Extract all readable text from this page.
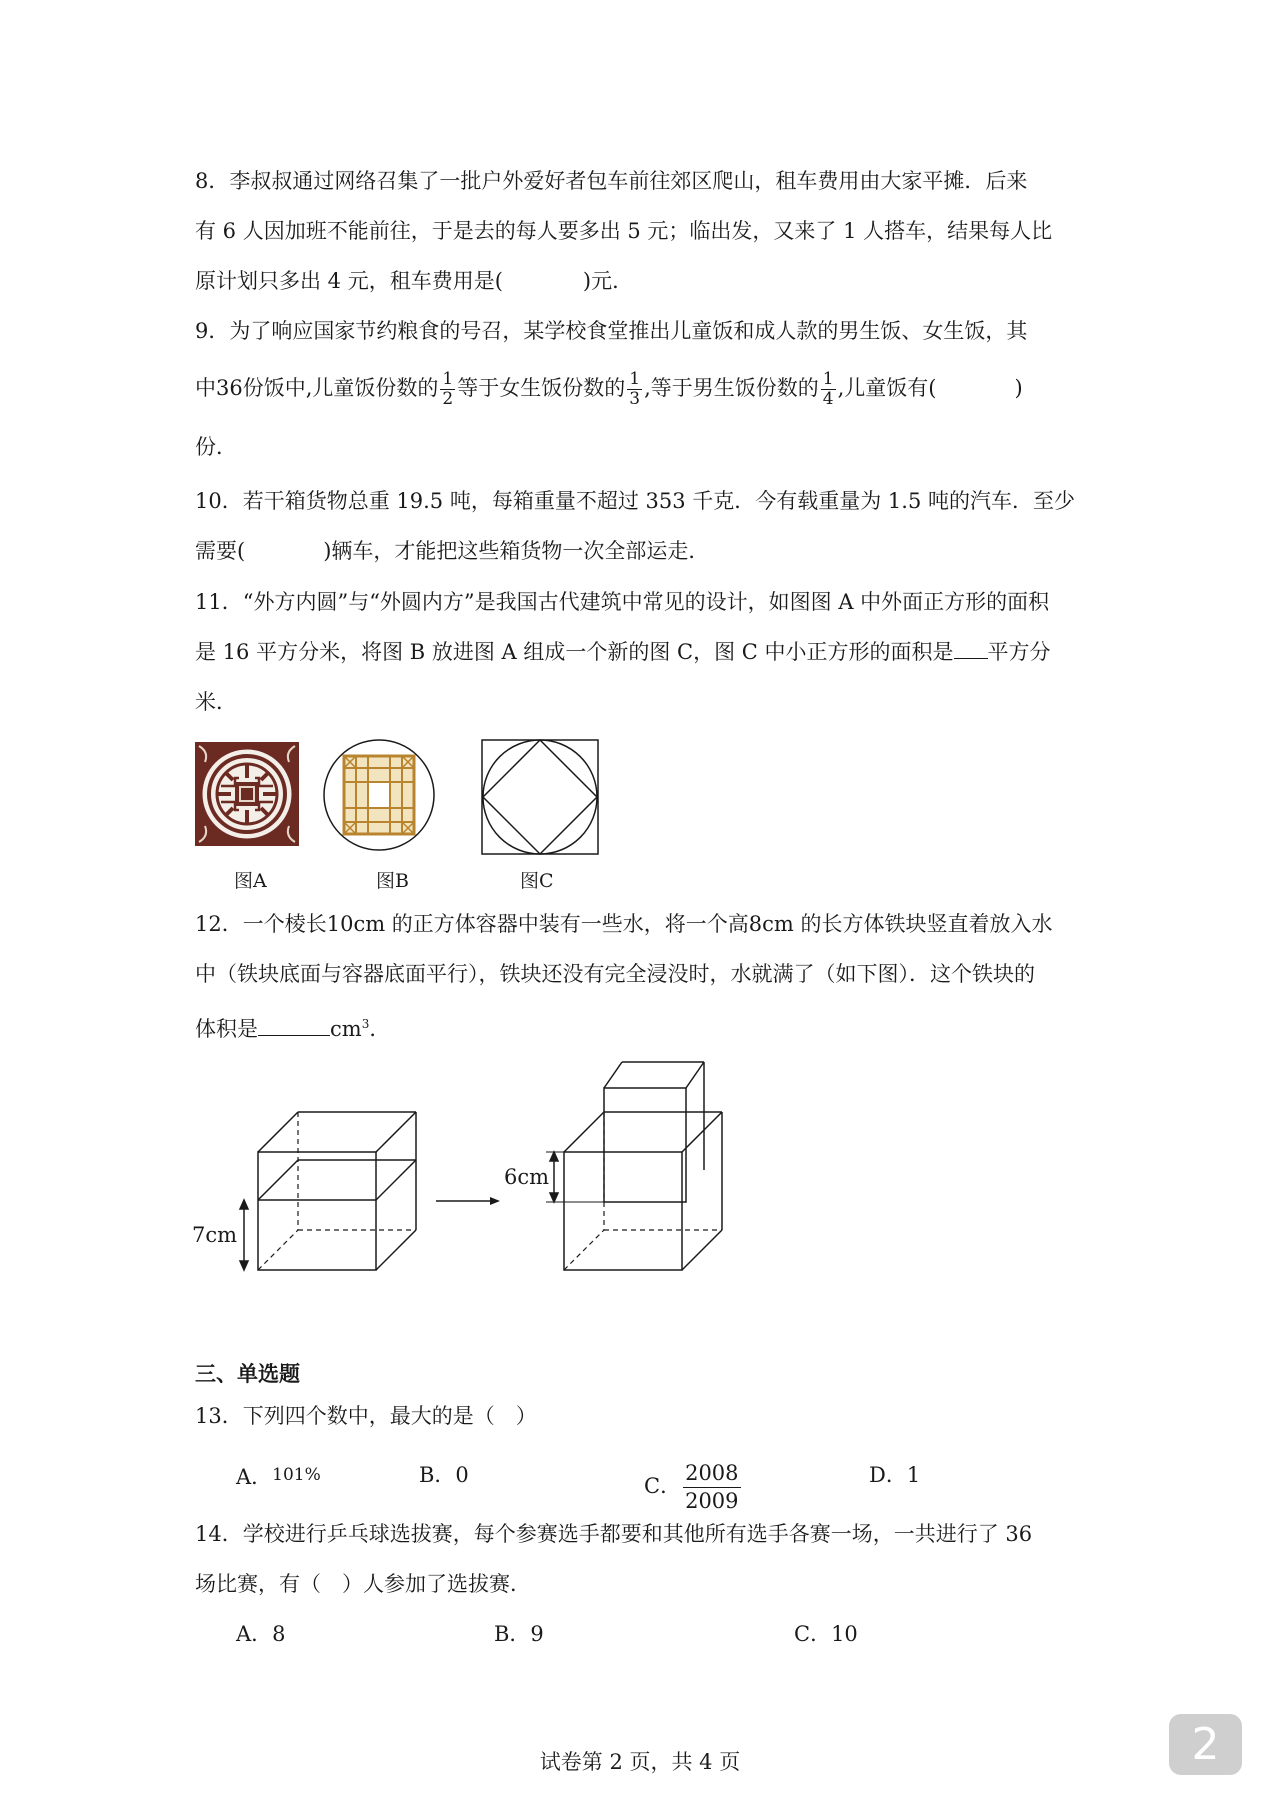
8．李叔叔通过网络召集了一批户外爱好者包车前往郊区爬山，租车费用由大家平摊．后来
有 6 人因加班不能前往，于是去的每人要多出 5 元；临出发，又来了 1 人搭车，结果每人比
原计划只多出 4 元，租车费用是(	)元．
9．为了响应国家节约粮食的号召，某学校食堂推出儿童饭和成人款的男生饭、女生饭，其
中36份饭中,儿童饭份数的 $\frac{1}{2}$ 等于女生饭份数的 $\frac{1}{3}$ ,等于男生饭份数的 $\frac{1}{4}$ ,儿童饭有(	)
份．
10．若干箱货物总重 19.5 吨，每箱重量不超过 353 千克．今有载重量为 1.5 吨的汽车．至少
需要(	)辆车，才能把这些箱货物一次全部运走．
11．“外方内圆”与“外圆内方”是我国古代建筑中常见的设计，如图图 A 中外面正方形的面积
是 16 平方分米，将图 B 放进图 A 组成一个新的图 C，图 C 中小正方形的面积是 平方分
米．
图A	图B	图C
12．一个棱长10cm 的正方体容器中装有一些水，将一个高8cm 的长方体铁块竖直着放入水
中（铁块底面与容器底面平行），铁块还没有完全浸没时，水就满了（如下图）．这个铁块的
体积是	$cm^3$．
7cm
6cm
三、单选题
13．下列四个数中，最大的是（　）
A．101%	B．0	C． $\frac{2008}{2009}$	D．1
14．学校进行乒乓球选拔赛，每个参赛选手都要和其他所有选手各赛一场，一共进行了 36
场比赛，有（　）人参加了选拔赛．
A．8	B．9	C．10
试卷第 2 页，共 4 页	2
